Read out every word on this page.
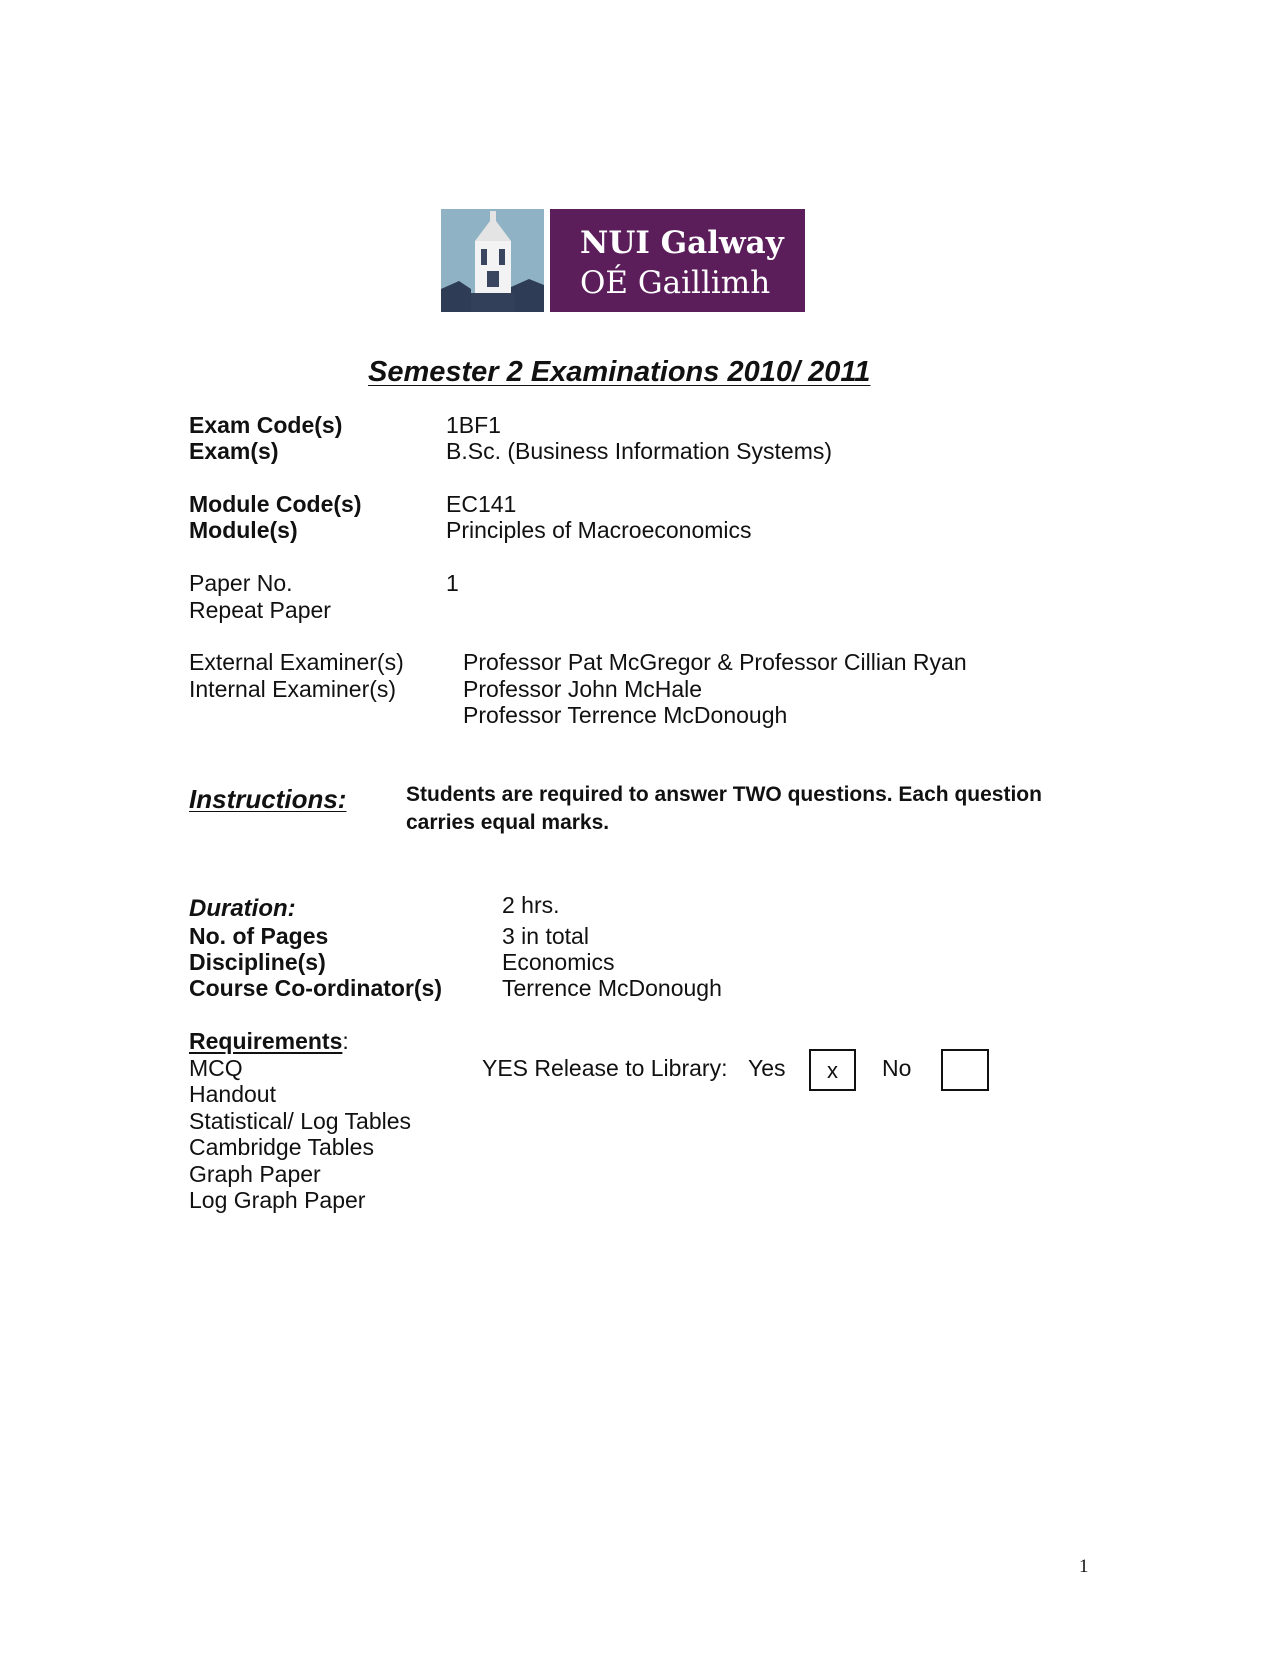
NUI Galway
OÉ Gaillimh
Semester 2 Examinations 2010/ 2011
Exam Code(s)	1BF1
Exam(s)	B.Sc. (Business Information Systems)
Module Code(s)	EC141
Module(s)	Principles of Macroeconomics
Paper No.	1
Repeat Paper
External Examiner(s)	Professor Pat McGregor & Professor Cillian Ryan
Internal Examiner(s)	Professor John McHale
Professor Terrence McDonough
Instructions:	Students are required to answer TWO questions. Each question carries equal marks.
Duration:	2 hrs.
No. of Pages	3 in total
Discipline(s)	Economics
Course Co-ordinator(s)	Terrence McDonough
Requirements:
MCQ
Handout
Statistical/ Log Tables
Cambridge Tables
Graph Paper
Log Graph Paper
YES Release to Library: Yes	x	No
1
